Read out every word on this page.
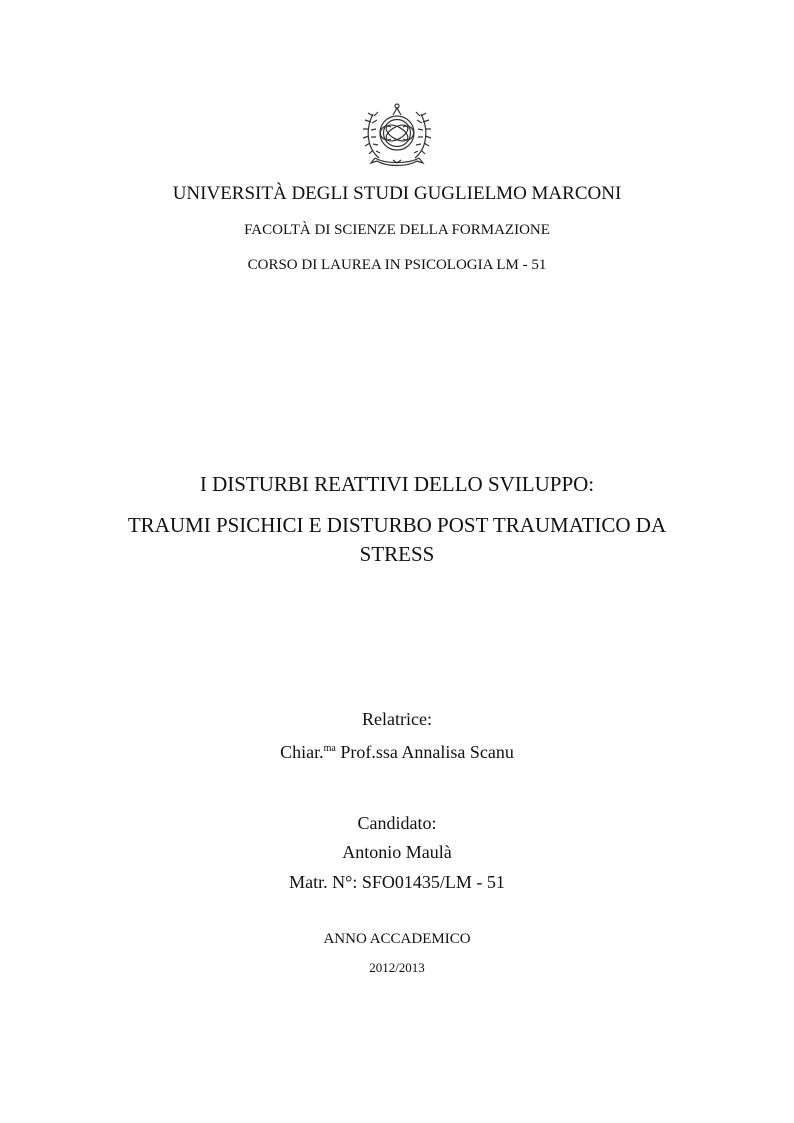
UNIVERSITÀ DEGLI STUDI GUGLIELMO MARCONI
FACOLTÀ DI SCIENZE DELLA FORMAZIONE
CORSO DI LAUREA IN PSICOLOGIA LM - 51
I DISTURBI REATTIVI DELLO SVILUPPO:
TRAUMI PSICHICI E DISTURBO POST TRAUMATICO DA
STRESS
Relatrice:
Chiar.$^{ma}$ Prof.ssa Annalisa Scanu
Candidato:
Antonio Maulà
Matr. N°: SFO01435/LM - 51
ANNO ACCADEMICO
2012/2013
